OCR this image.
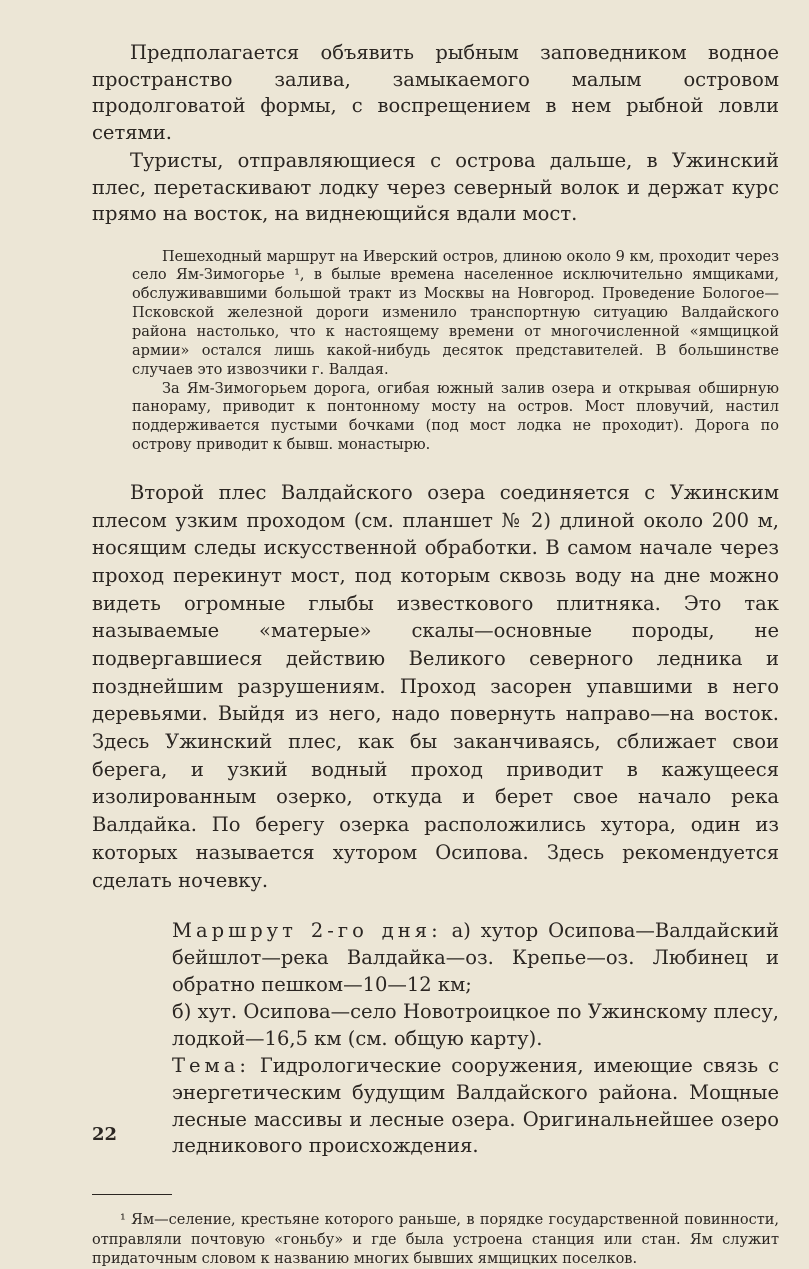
Предполагается объявить рыбным заповедником водное пространство залива, замыкаемого малым островом продолговатой формы, с воспрещением в нем рыбной ловли сетями.

Туристы, отправляющиеся с острова дальше, в Ужинский плес, перетаскивают лодку через северный волок и держат курс прямо на восток, на виднеющийся вдали мост.

Пешеходный маршрут на Иверский остров, длиною около 9 км, проходит через село Ям-Зимогорье ¹, в былые времена населенное исключительно ямщиками, обслуживавшими большой тракт из Москвы на Новгород. Проведение Бологое—Псковской железной дороги изменило транспортную ситуацию Валдайского района настолько, что к настоящему времени от многочисленной «ямщицкой армии» остался лишь какой-нибудь десяток представителей. В большинстве случаев это извозчики г. Валдая.

За Ям-Зимогорьем дорога, огибая южный залив озера и открывая обширную панораму, приводит к понтонному мосту на остров. Мост пловучий, настил поддерживается пустыми бочками (под мост лодка не проходит). Дорога по острову приводит к бывш. монастырю.

Второй плес Валдайского озера соединяется с Ужинским плесом узким проходом (см. планшет № 2) длиной около 200 м, носящим следы искусственной обработки. В самом начале через проход перекинут мост, под которым сквозь воду на дне можно видеть огромные глыбы известкового плитняка. Это так называемые «матерые» скалы—основные породы, не подвергавшиеся действию Великого северного ледника и позднейшим разрушениям. Проход засорен упавшими в него деревьями. Выйдя из него, надо повернуть направо—на восток. Здесь Ужинский плес, как бы заканчиваясь, сближает свои берега, и узкий водный проход приводит в кажущееся изолированным озерко, откуда и берет свое начало река Валдайка. По берегу озерка расположились хутора, один из которых называется хутором Осипова. Здесь рекомендуется сделать ночевку.

Маршрут 2-го дня: а) хутор Осипова—Валдайский бейшлот—река Валдайка—оз. Крепье—оз. Любинец и обратно пешком—10—12 км;

б) хут. Осипова—село Новотроицкое по Ужинскому плесу, лодкой—16,5 км (см. общую карту).

Тема: Гидрологические сооружения, имеющие связь с энергетическим будущим Валдайского района. Мощные лесные массивы и лесные озера. Оригинальнейшее озеро ледникового происхождения.

¹ Ям—селение, крестьяне которого раньше, в порядке государственной повинности, отправляли почтовую «гоньбу» и где была устроена станция или стан. Ям служит придаточным словом к названию многих бывших ямщицких поселков.

22
